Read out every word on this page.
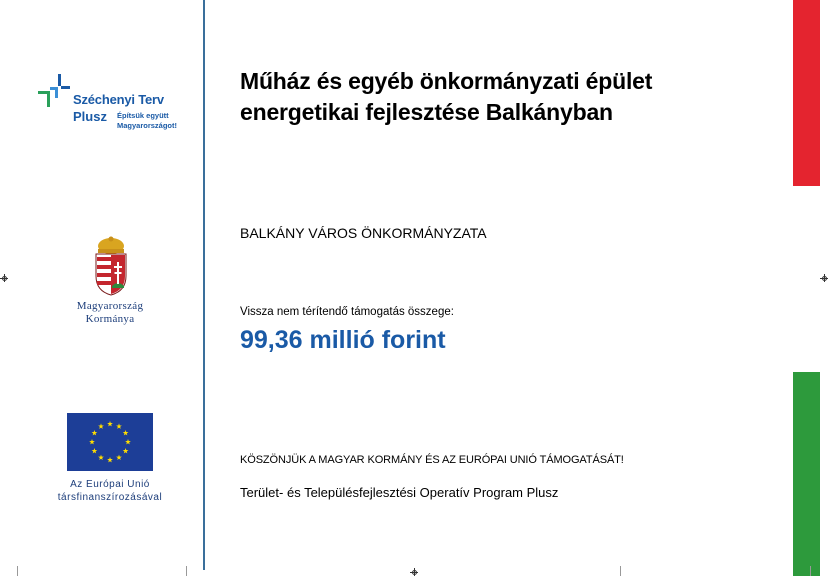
Széchenyi Terv
Plusz Építsük együtt
Magyarországot!
Magyarország
Kormánya
Az Európai Unió
társfinanszírozásával
Műház és egyéb önkormányzati épület
energetikai fejlesztése Balkányban
BALKÁNY VÁROS ÖNKORMÁNYZATA
Vissza nem térítendő támogatás összege:
99,36 millió forint
KÖSZÖNJÜK A MAGYAR KORMÁNY ÉS AZ EURÓPAI UNIÓ TÁMOGATÁSÁT!
Terület- és Településfejlesztési Operatív Program Plusz
